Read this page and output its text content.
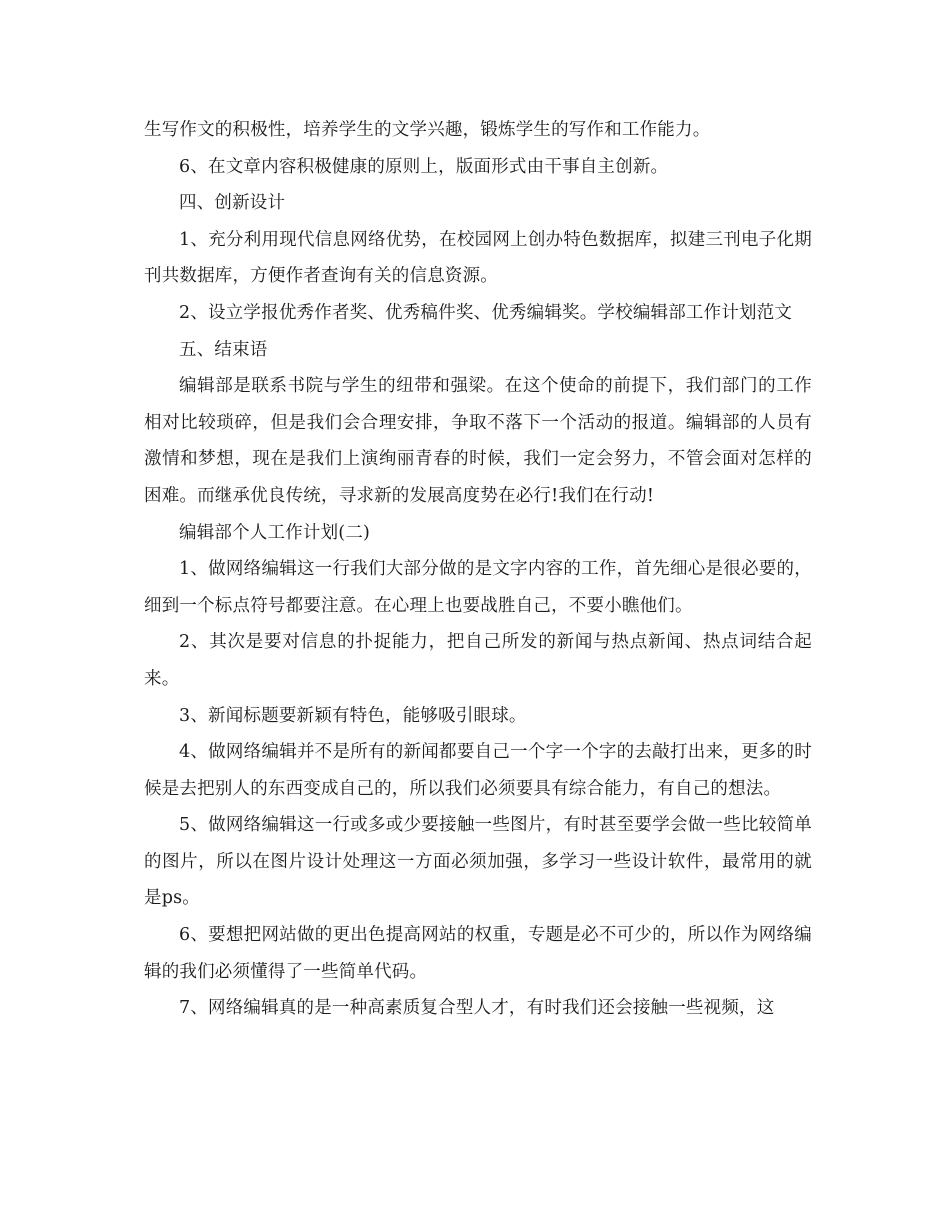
生写作文的积极性，培养学生的文学兴趣，锻炼学生的写作和工作能力。

6、在文章内容积极健康的原则上，版面形式由干事自主创新。

四、创新设计

1、充分利用现代信息网络优势，在校园网上创办特色数据库，拟建三刊电子化期刊共数据库，方便作者查询有关的信息资源。

2、设立学报优秀作者奖、优秀稿件奖、优秀编辑奖。学校编辑部工作计划范文

五、结束语

编辑部是联系书院与学生的纽带和强梁。在这个使命的前提下，我们部门的工作相对比较琐碎，但是我们会合理安排，争取不落下一个活动的报道。编辑部的人员有激情和梦想，现在是我们上演绚丽青春的时候，我们一定会努力，不管会面对怎样的困难。而继承优良传统，寻求新的发展高度势在必行!我们在行动!

编辑部个人工作计划(二)

1、做网络编辑这一行我们大部分做的是文字内容的工作，首先细心是很必要的，细到一个标点符号都要注意。在心理上也要战胜自己，不要小瞧他们。

2、其次是要对信息的扑捉能力，把自己所发的新闻与热点新闻、热点词结合起来。

3、新闻标题要新颖有特色，能够吸引眼球。

4、做网络编辑并不是所有的新闻都要自己一个字一个字的去敲打出来，更多的时候是去把别人的东西变成自己的，所以我们必须要具有综合能力，有自己的想法。

5、做网络编辑这一行或多或少要接触一些图片，有时甚至要学会做一些比较简单的图片，所以在图片设计处理这一方面必须加强，多学习一些设计软件，最常用的就是ps。

6、要想把网站做的更出色提高网站的权重，专题是必不可少的，所以作为网络编辑的我们必须懂得了一些简单代码。

7、网络编辑真的是一种高素质复合型人才，有时我们还会接触一些视频，这
